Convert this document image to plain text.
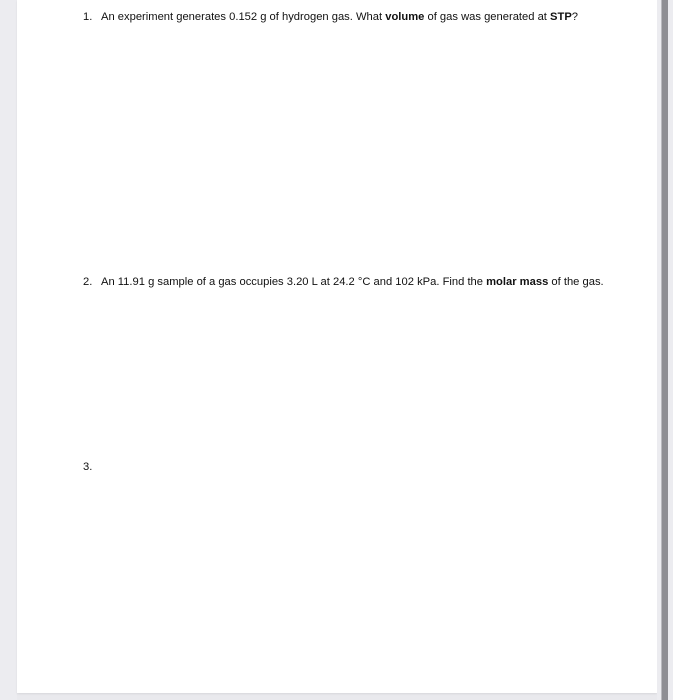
1. An experiment generates 0.152 g of hydrogen gas. What volume of gas was generated at STP?
2. An 11.91 g sample of a gas occupies 3.20 L at 24.2 °C and 102 kPa. Find the molar mass of the gas.
3.
